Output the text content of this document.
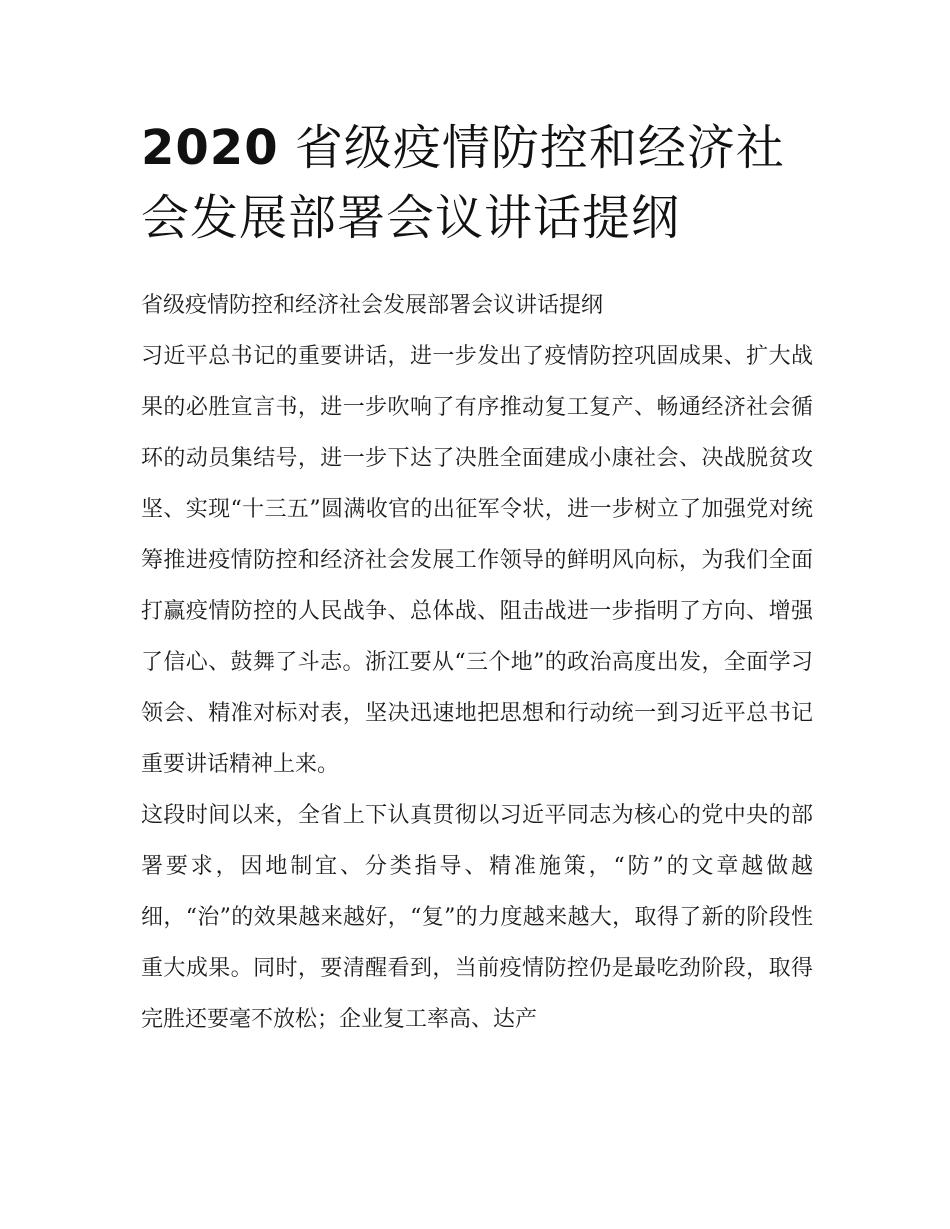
2020 省级疫情防控和经济社会发展部署会议讲话提纲

省级疫情防控和经济社会发展部署会议讲话提纲

习近平总书记的重要讲话，进一步发出了疫情防控巩固成果、扩大战果的必胜宣言书，进一步吹响了有序推动复工复产、畅通经济社会循环的动员集结号，进一步下达了决胜全面建成小康社会、决战脱贫攻坚、实现“十三五”圆满收官的出征军令状，进一步树立了加强党对统筹推进疫情防控和经济社会发展工作领导的鲜明风向标，为我们全面打赢疫情防控的人民战争、总体战、阻击战进一步指明了方向、增强了信心、鼓舞了斗志。浙江要从“三个地”的政治高度出发，全面学习领会、精准对标对表，坚决迅速地把思想和行动统一到习近平总书记重要讲话精神上来。

这段时间以来，全省上下认真贯彻以习近平同志为核心的党中央的部署要求，因地制宜、分类指导、精准施策，“防”的文章越做越细，“治”的效果越来越好，“复”的力度越来越大，取得了新的阶段性重大成果。同时，要清醒看到，当前疫情防控仍是最吃劲阶段，取得完胜还要毫不放松；企业复工率高、达产
